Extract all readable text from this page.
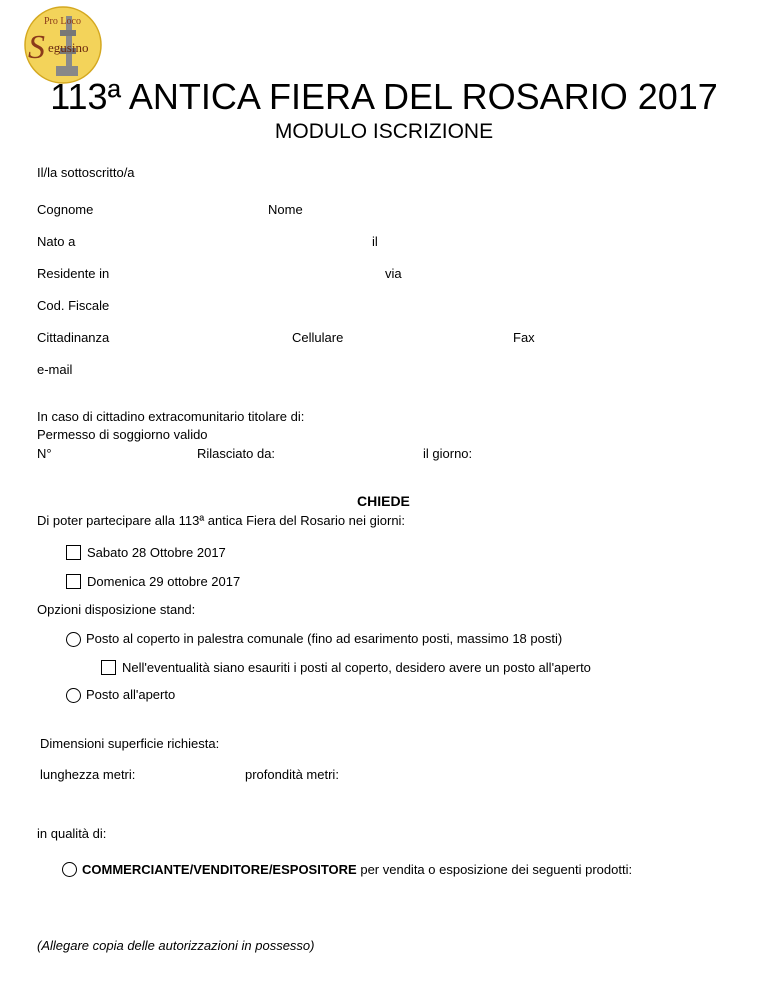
Pro Loco
S egusino
113ª ANTICA FIERA DEL ROSARIO 2017
MODULO ISCRIZIONE
Il/la sottoscritto/a
Cognome	Nome
Nato a	il
Residente in	via
Cod. Fiscale
Cittadinanza	Cellulare	Fax
e-mail
In caso di cittadino extracomunitario titolare di:
Permesso di soggiorno valido
N°	Rilasciato da:	il giorno:
CHIEDE
Di poter partecipare alla 113ª antica Fiera del Rosario nei giorni:
Sabato 28 Ottobre 2017
Domenica 29 ottobre 2017
Opzioni disposizione stand:
Posto al coperto in palestra comunale (fino ad esarimento posti, massimo 18 posti)
Nell'eventualità siano esauriti i posti al coperto, desidero avere un posto all'aperto
Posto all'aperto
Dimensioni superficie richiesta:
lunghezza metri:	profondità metri:
in qualità di:
COMMERCIANTE/VENDITORE/ESPOSITORE per vendita o esposizione dei seguenti prodotti:
(Allegare copia delle autorizzazioni in possesso)
